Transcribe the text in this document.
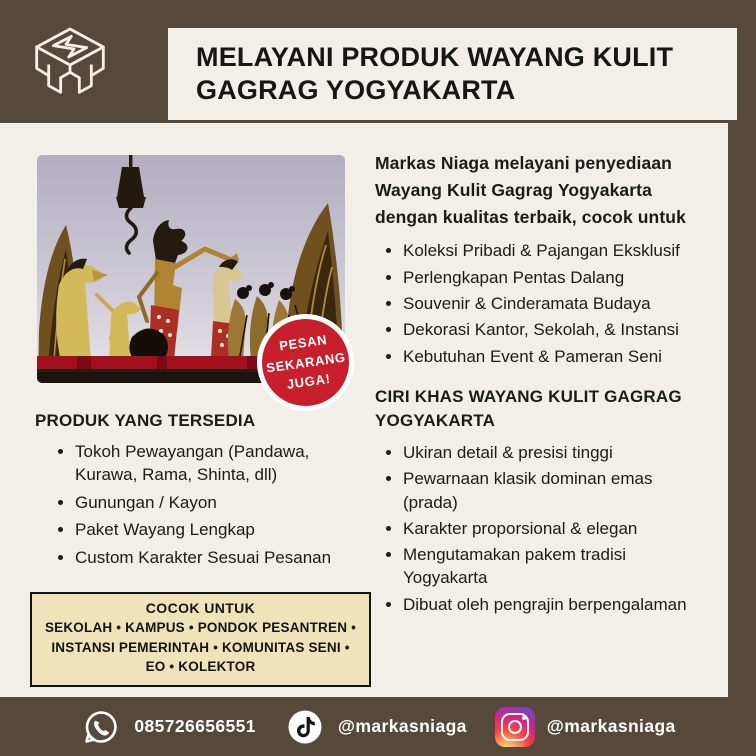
MELAYANI PRODUK WAYANG KULIT GAGRAG YOGYAKARTA
PESAN
SEKARANG
JUGA!
PRODUK YANG TERSEDIA
• Tokoh Pewayangan (Pandawa, Kurawa, Rama, Shinta, dll)
• Gunungan / Kayon
• Paket Wayang Lengkap
• Custom Karakter Sesuai Pesanan
COCOK UNTUK

SEKOLAH • KAMPUS • PONDOK PESANTREN • INSTANSI PEMERINTAH • KOMUNITAS SENI • EO • KOLEKTOR

Markas Niaga melayani penyediaan Wayang Kulit Gagrag Yogyakarta dengan kualitas terbaik, cocok untuk

• Koleksi Pribadi & Pajangan Eksklusif
• Perlengkapan Pentas Dalang
• Souvenir & Cinderamata Budaya
• Dekorasi Kantor, Sekolah, & Instansi
• Kebutuhan Event & Pameran Seni
CIRI KHAS WAYANG KULIT GAGRAG YOGYAKARTA
• Ukiran detail & presisi tinggi
• Pewarnaan klasik dominan emas (prada)
• Karakter proporsional & elegan
• Mengutamakan pakem tradisi Yogyakarta
• Dibuat oleh pengrajin berpengalaman
085726656551	@markasniaga	@markasniaga
